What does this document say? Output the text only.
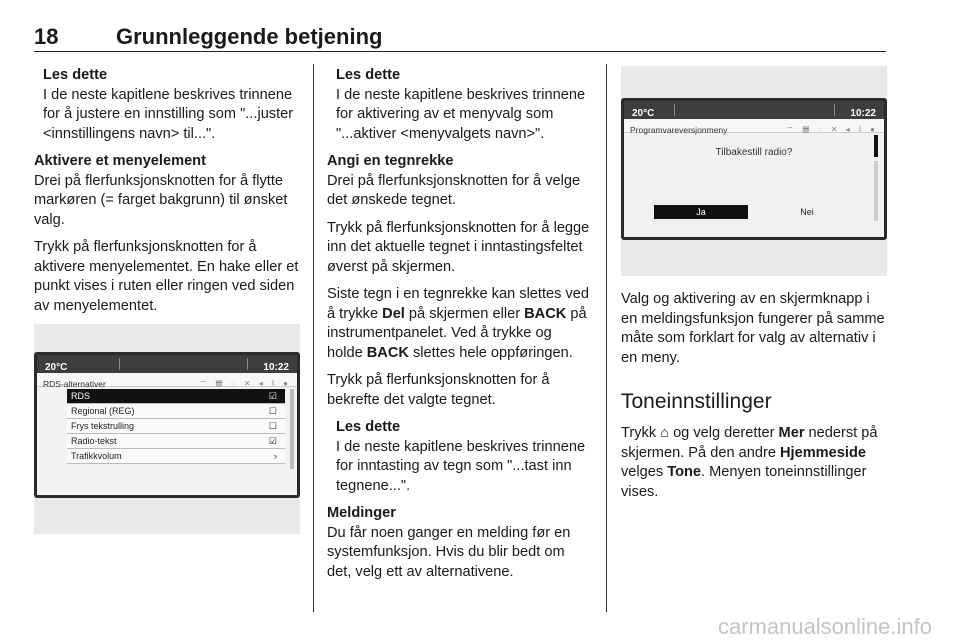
18	Grunnleggende betjening
Les dette
I de neste kapitlene beskrives trinnene for å justere en innstilling som "...juster <innstillingens navn> til...".
Aktivere et menyelement

Drei på flerfunksjonsknotten for å flytte markøren (= farget bakgrunn) til ønsket valg.

Trykk på flerfunksjonsknotten for å aktivere menyelementet. En hake eller et punkt vises i ruten eller ringen ved siden av menyelementet.

20°C	10:22
RDS-alternativer	⌔ ▤ ◌ ✕ ◂ ⌇ ●
RDS	☑
Regional (REG)	☐
Frys tekstrulling	☐
Radio-tekst	☑
Trafikkvolum	›
Les dette
I de neste kapitlene beskrives trinnene for aktivering av et menyvalg som "...aktiver <menyvalgets navn>".
Angi en tegnrekke

Drei på flerfunksjonsknotten for å velge det ønskede tegnet.

Trykk på flerfunksjonsknotten for å legge inn det aktuelle tegnet i inntastingsfeltet øverst på skjermen.

Siste tegn i en tegnrekke kan slettes ved å trykke Del på skjermen eller BACK på instrumentpanelet. Ved å trykke og holde BACK slettes hele oppføringen.

Trykk på flerfunksjonsknotten for å bekrefte det valgte tegnet.

Les dette
I de neste kapitlene beskrives trinnene for inntasting av tegn som "...tast inn tegnene...".
Meldinger

Du får noen ganger en melding før en systemfunksjon. Hvis du blir bedt om det, velg ett av alternativene.

20°C	10:22
Programvareversjonmeny	⌔ ▤ ◌ ✕ ◂ ⌇ ●
Tilbakestill radio?
Ja	Nei

Valg og aktivering av en skjermknapp i en meldingsfunksjon fungerer på samme måte som forklart for valg av alternativ i en meny.

Toneinnstillinger

Trykk ⌂ og velg deretter Mer nederst på skjermen. På den andre Hjemmeside velges Tone. Menyen toneinnstillinger vises.

carmanualsonline.info
